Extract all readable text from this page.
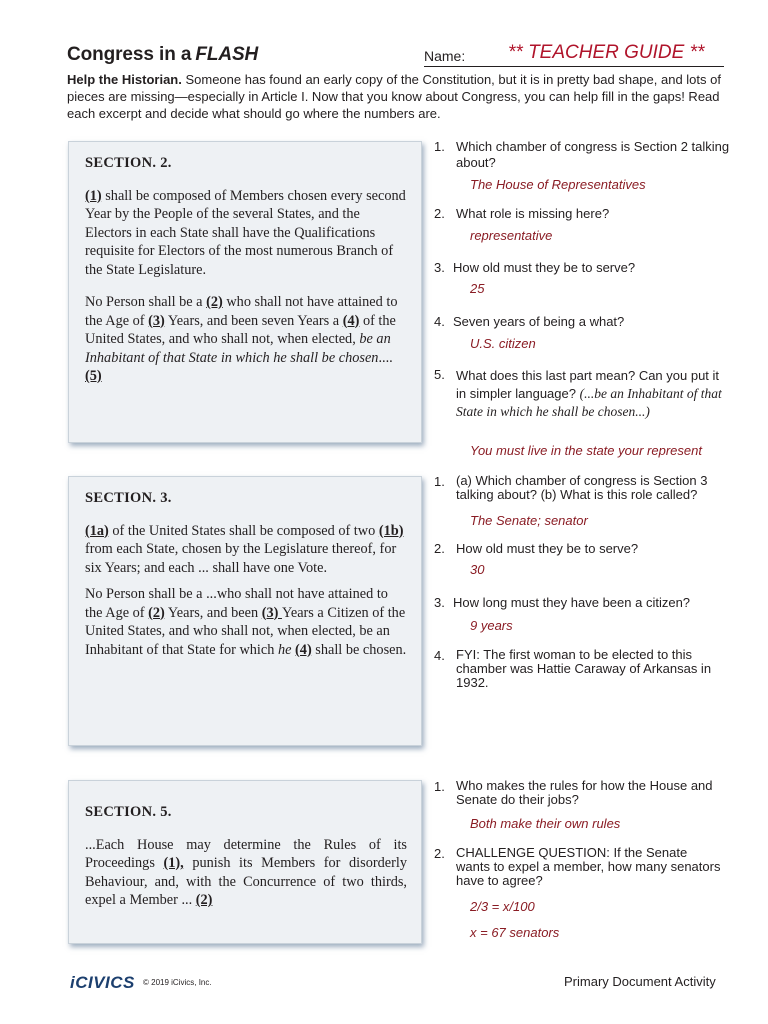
Congress in a FLASH	Name: ** TEACHER GUIDE **
Help the Historian. Someone has found an early copy of the Constitution, but it is in pretty bad shape, and lots of pieces are missing—especially in Article I. Now that you know about Congress, you can help fill in the gaps! Read each excerpt and decide what should go where the numbers are.
SECTION. 2.

(1) shall be composed of Members chosen every second Year by the People of the several States, and the Electors in each State shall have the Qualifications requisite for Electors of the most numerous Branch of the State Legislature.

No Person shall be a (2) who shall not have attained to the Age of (3) Years, and been seven Years a (4) of the United States, and who shall not, when elected, be an Inhabitant of that State in which he shall be chosen.... (5)

1. Which chamber of congress is Section 2 talking about?
The House of Representatives
2. What role is missing here?
representative
3. How old must they be to serve?
25
4. Seven years of being a what?
U.S. citizen
5. What does this last part mean? Can you put it in simpler language? (...be an Inhabitant of that State in which he shall be chosen...)
You must live in the state your represent
SECTION. 3.

(1a) of the United States shall be composed of two (1b) from each State, chosen by the Legislature thereof, for six Years; and each ... shall have one Vote.

No Person shall be a ...who shall not have attained to the Age of (2) Years, and been (3) Years a Citizen of the United States, and who shall not, when elected, be an Inhabitant of that State for which he (4) shall be chosen.

1. (a) Which chamber of congress is Section 3 talking about? (b) What is this role called?
The Senate; senator
2. How old must they be to serve?
30
3. How long must they have been a citizen?
9 years
4. FYI: The first woman to be elected to this chamber was Hattie Caraway of Arkansas in 1932.
SECTION. 5.

...Each House may determine the Rules of its Proceedings (1), punish its Members for disorderly Behaviour, and, with the Concurrence of two thirds, expel a Member ... (2)

1. Who makes the rules for how the House and Senate do their jobs?
Both make their own rules
2. CHALLENGE QUESTION: If the Senate wants to expel a member, how many senators have to agree?
2/3 = x/100
x = 67 senators
iCIVICS © 2019 iCivics, Inc.	Primary Document Activity
